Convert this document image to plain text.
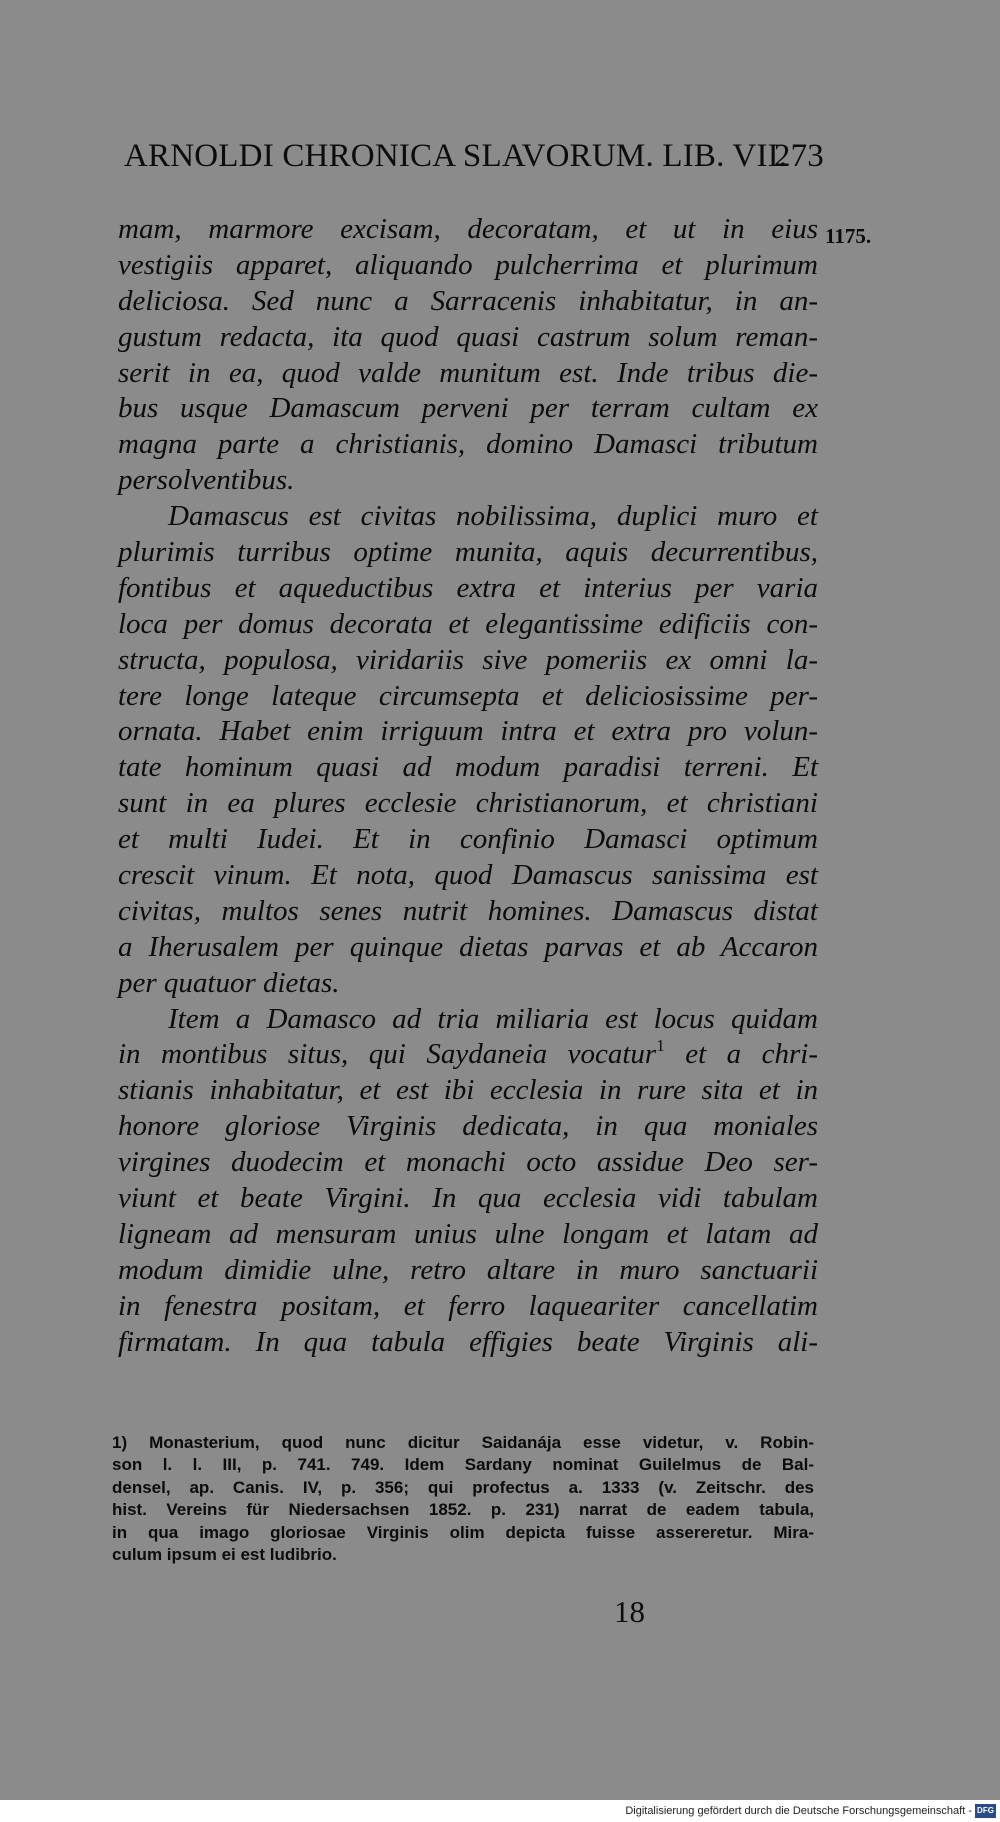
ARNOLDI CHRONICA SLAVORUM. LIB. VII.
273
1175.
mam, marmore excisam, decoratam, et ut in eius
vestigiis apparet, aliquando pulcherrima et plurimum
deliciosa. Sed nunc a Sarracenis inhabitatur, in an-
gustum redacta, ita quod quasi castrum solum reman-
serit in ea, quod valde munitum est. Inde tribus die-
bus usque Damascum perveni per terram cultam ex
magna parte a christianis, domino Damasci tributum
persolventibus.
Damascus est civitas nobilissima, duplici muro et
plurimis turribus optime munita, aquis decurrentibus,
fontibus et aqueductibus extra et interius per varia
loca per domus decorata et elegantissime edificiis con-
structa, populosa, viridariis sive pomeriis ex omni la-
tere longe lateque circumsepta et deliciosissime per-
ornata. Habet enim irriguum intra et extra pro volun-
tate hominum quasi ad modum paradisi terreni. Et
sunt in ea plures ecclesie christianorum, et christiani
et multi Iudei. Et in confinio Damasci optimum
crescit vinum. Et nota, quod Damascus sanissima est
civitas, multos senes nutrit homines. Damascus distat
a Iherusalem per quinque dietas parvas et ab Accaron
per quatuor dietas.
Item a Damasco ad tria miliaria est locus quidam
in montibus situs, qui Saydaneia vocatur$^1$ et a chri-
stianis inhabitatur, et est ibi ecclesia in rure sita et in
honore gloriose Virginis dedicata, in qua moniales
virgines duodecim et monachi octo assidue Deo ser-
viunt et beate Virgini. In qua ecclesia vidi tabulam
ligneam ad mensuram unius ulne longam et latam ad
modum dimidie ulne, retro altare in muro sanctuarii
in fenestra positam, et ferro laqueariter cancellatim
firmatam. In qua tabula effigies beate Virginis ali-
1) Monasterium, quod nunc dicitur Saidanája esse videtur, v. Robin-
son l. l. III, p. 741. 749. Idem Sardany nominat Guilelmus de Bal-
densel, ap. Canis. IV, p. 356; qui profectus a. 1333 (v. Zeitschr. des
hist. Vereins für Niedersachsen 1852. p. 231) narrat de eadem tabula,
in qua imago gloriosae Virginis olim depicta fuisse assereretur. Mira-
culum ipsum ei est ludibrio.
18
Digitalisierung gefördert durch die Deutsche Forschungsgemeinschaft - DFG
